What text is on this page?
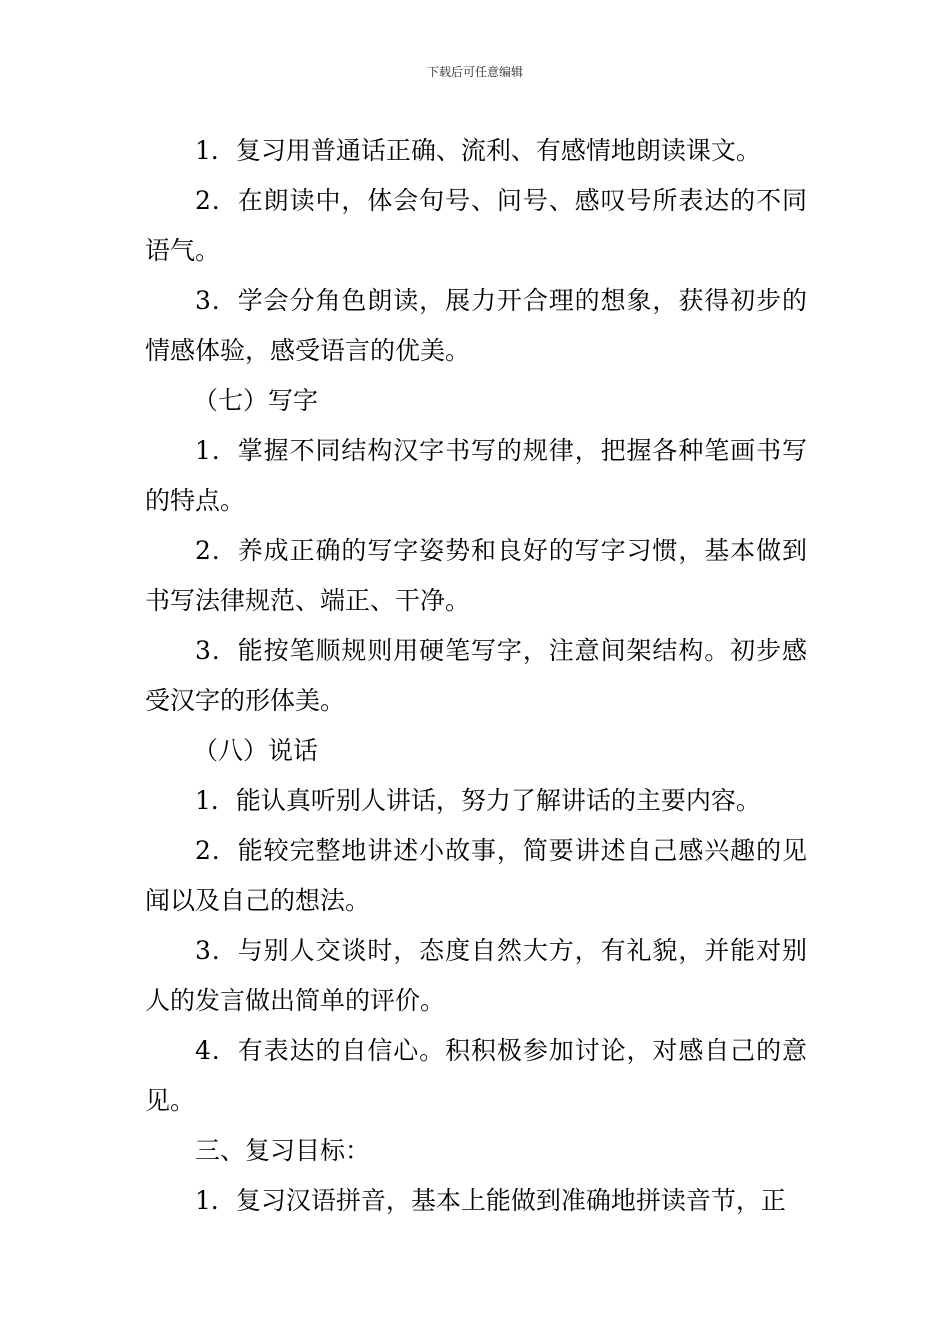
下载后可任意编辑

1．复习用普通话正确、流利、有感情地朗读课文。

2．在朗读中，体会句号、问号、感叹号所表达的不同语气。

3．学会分角色朗读，展力开合理的想象，获得初步的情感体验，感受语言的优美。

（七）写字

1．掌握不同结构汉字书写的规律，把握各种笔画书写的特点。

2．养成正确的写字姿势和良好的写字习惯，基本做到书写法律规范、端正、干净。

3．能按笔顺规则用硬笔写字，注意间架结构。初步感受汉字的形体美。

（八）说话

1．能认真听别人讲话，努力了解讲话的主要内容。

2．能较完整地讲述小故事，简要讲述自己感兴趣的见闻以及自己的想法。

3．与别人交谈时，态度自然大方，有礼貌，并能对别人的发言做出简单的评价。

4．有表达的自信心。积积极参加讨论，对感自己的意见。

三、复习目标：

1．复习汉语拼音，基本上能做到准确地拼读音节，正
